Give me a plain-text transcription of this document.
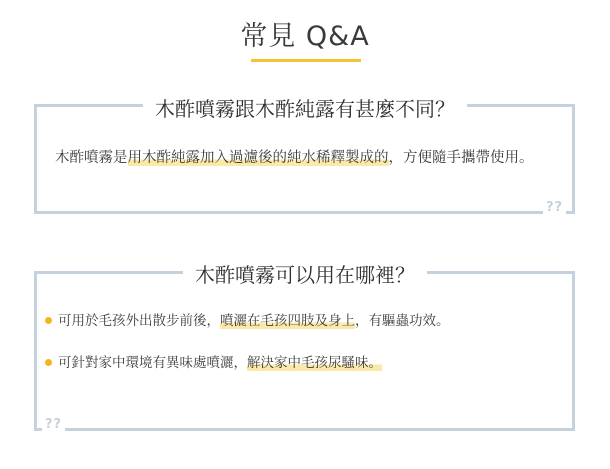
常見 Q&A
木酢噴霧跟木酢純露有甚麼不同？
??
木酢噴霧是用木酢純露加入過濾後的純水稀釋製成的，方便隨手攜帶使用。
木酢噴霧可以用在哪裡？
??
可用於毛孩外出散步前後，噴灑在毛孩四肢及身上，有驅蟲功效。
可針對家中環境有異味處噴灑，解決家中毛孩尿騷味。
